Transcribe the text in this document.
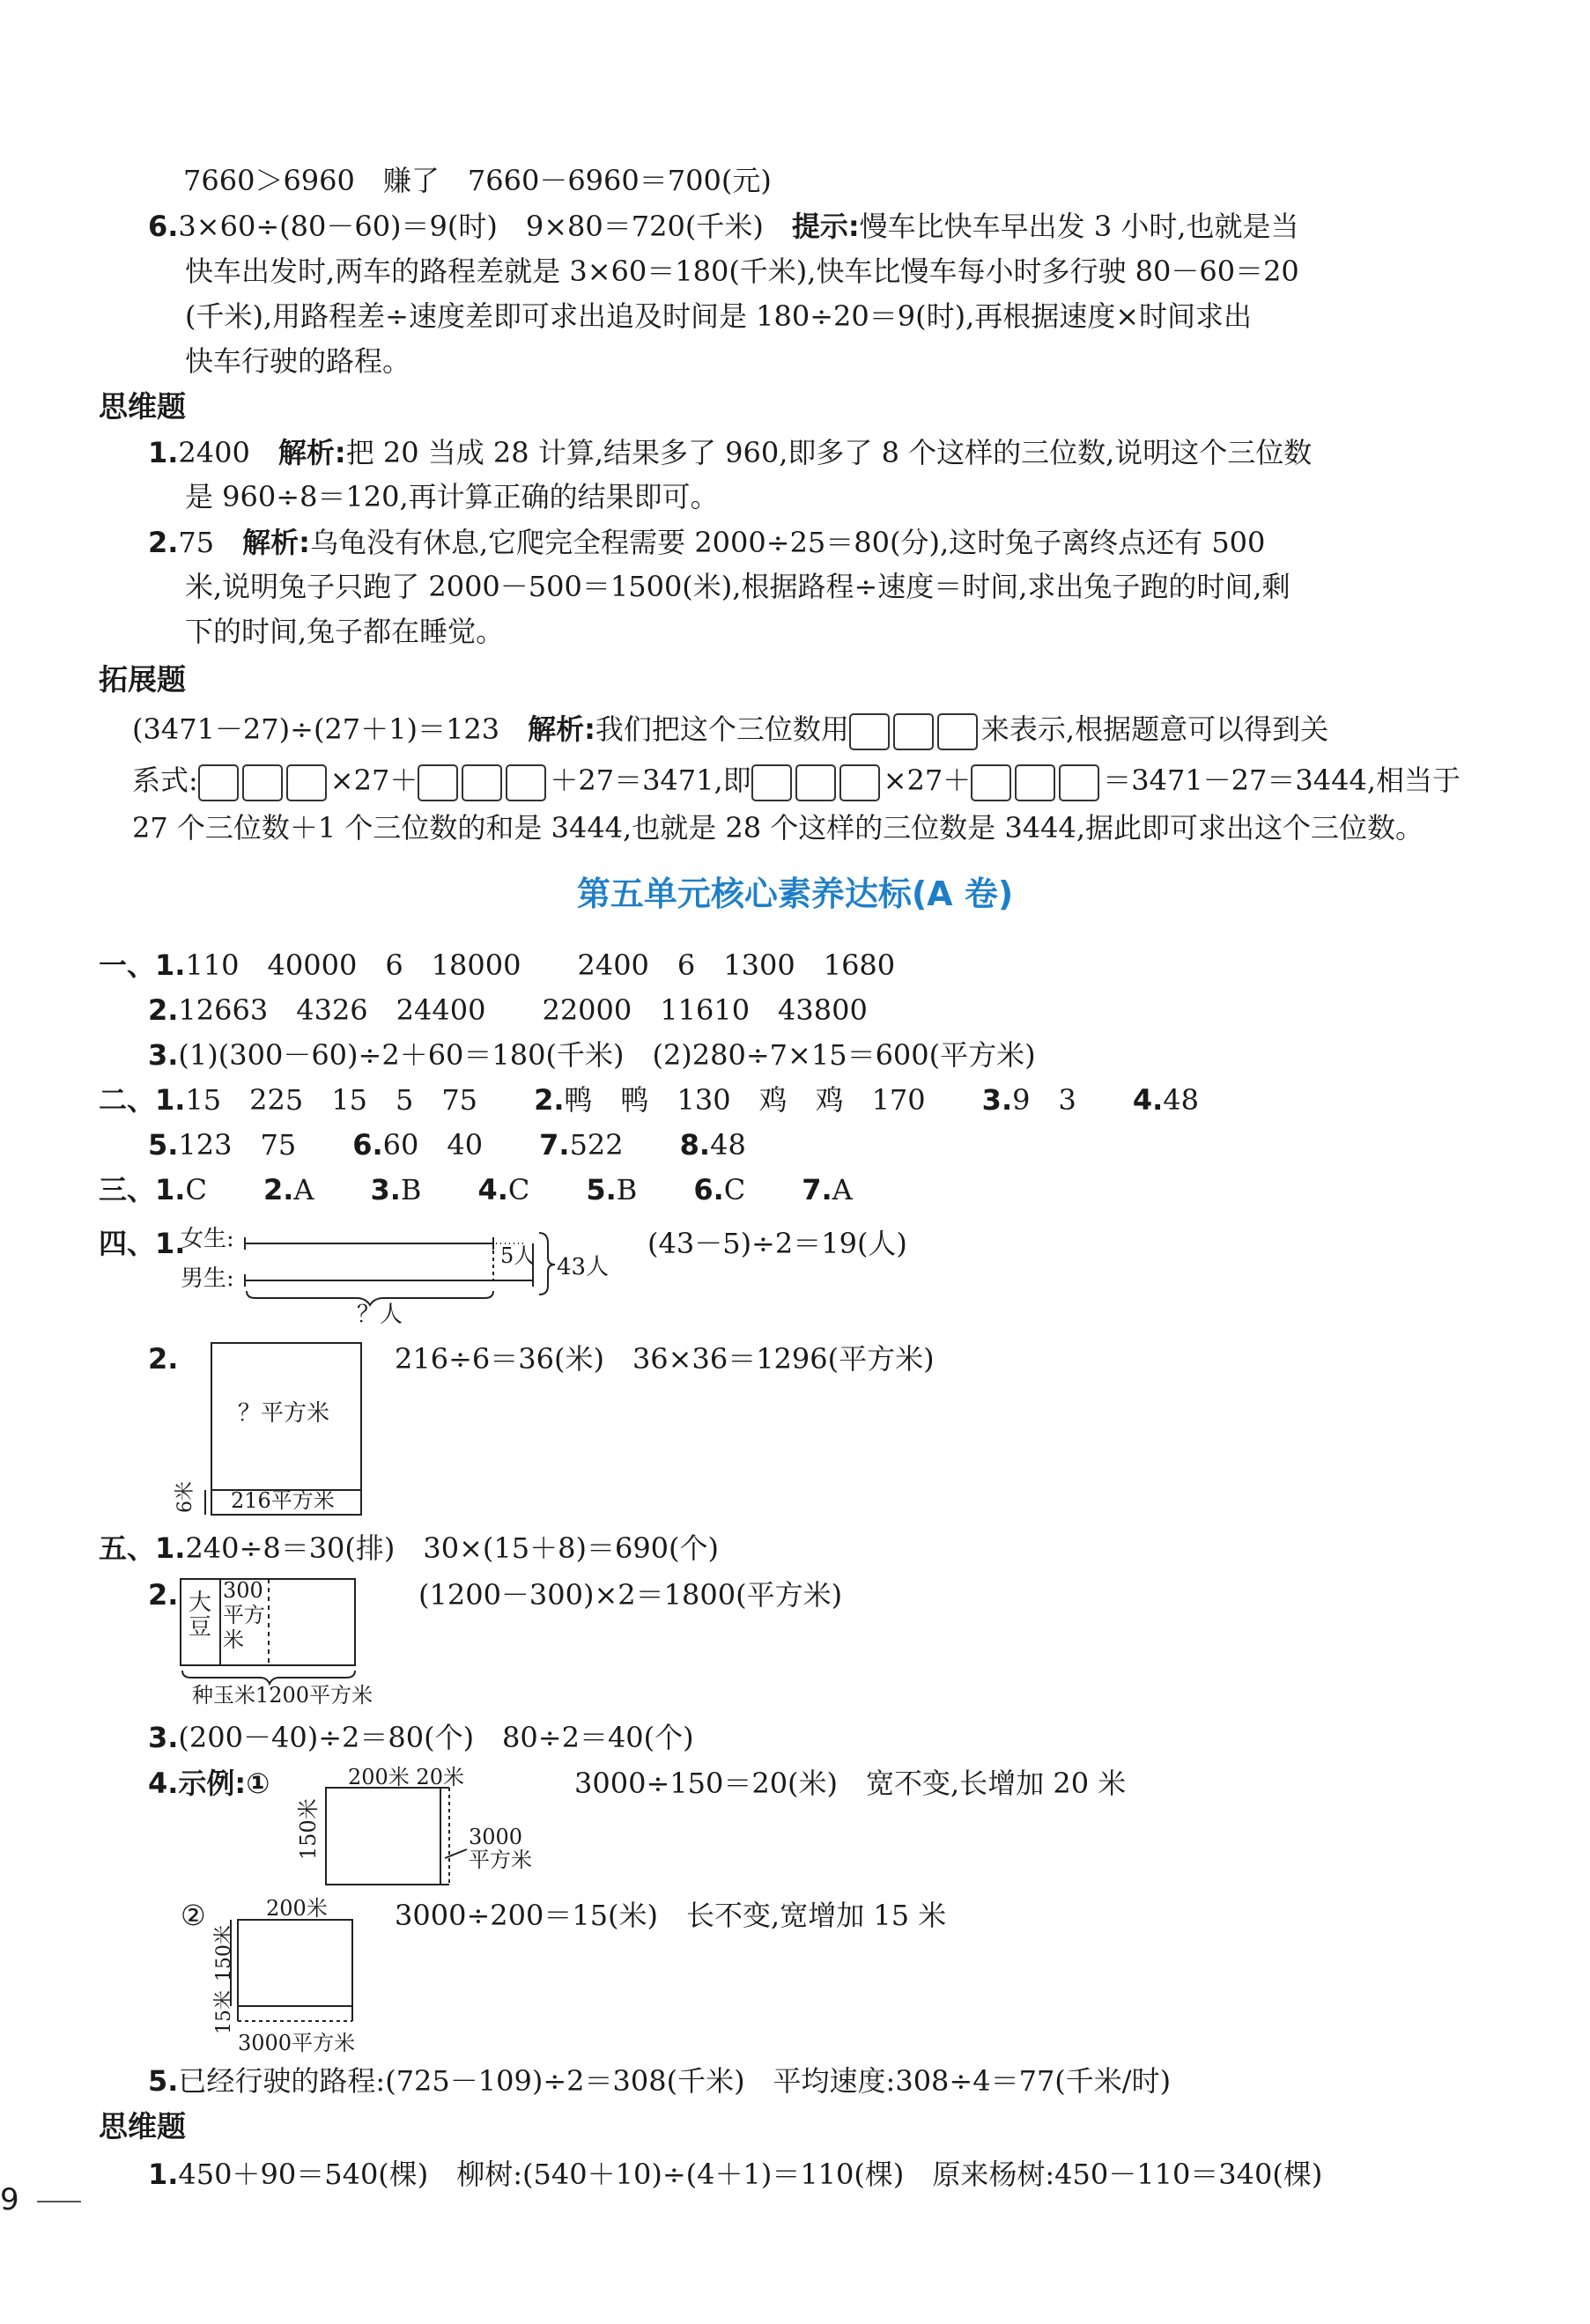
7660＞6960　赚了　7660－6960＝700(元)
6.3×60÷(80－60)＝9(时)　9×80＝720(千米)　 提示:慢车比快车早出发 3 小时,也就是当
快车出发时,两车的路程差就是 3×60＝180(千米),快车比慢车每小时多行驶 80－60＝20
(千米),用路程差÷速度差即可求出追及时间是 180÷20＝9(时),再根据速度×时间求出
快车行驶的路程。
思维题
1.2400　 解析:把 20 当成 28 计算,结果多了 960,即多了 8 个这样的三位数,说明这个三位数
是 960÷8＝120,再计算正确的结果即可。
2.75　 解析:乌龟没有休息,它爬完全程需要 2000÷25＝80(分),这时兔子离终点还有 500
米,说明兔子只跑了 2000－500＝1500(米),根据路程÷速度＝时间,求出兔子跑的时间,剩
下的时间,兔子都在睡觉。
拓展题
(3471－27)÷(27＋1)＝123　 解析:我们把这个三位数用	来表示,根据题意可以得到关
系式:	×27＋	＋27＝3471,即	×27＋	＝3471－27＝3444,相当于
27 个三位数＋1 个三位数的和是 3444,也就是 28 个这样的三位数是 3444,据此即可求出这个三位数。
第五单元核心素养达标(A 卷)
一、1.110　40000　6　18000　　2400　6　1300　1680
2.12663　4326　24400　　22000　11610　43800
3.(1)(300－60)÷2＋60＝180(千米)　(2)280÷7×15＝600(平方米)
二、1.15　225　15　5　75　　 2.鸭　鸭　130　鸡　鸡　170　　 3.9　3　　 4.48
5.123　75　　 6.60　40　　 7.522　　 8.48
三、1.C　　 2.A　　 3.B　　 4.C　　 5.B　　 6.C　　 7.A
四、1.
女生:
男生:
5人 43人
？人
(43－5)÷2＝19(人)
2.
？平方米
216平方米
6米
216÷6＝36(米)　36×36＝1296(平方米)
五、1.240÷8＝30(排)　30×(15＋8)＝690(个)
2. 大豆
300
平方
米
种玉米1200平方米
(1200－300)×2＝1800(平方米)
3.(200－40)÷2＝80(个)　80÷2＝40(个)
4.示例:①	200米 20米
150米	3000
平方米
3000÷150＝20(米)　宽不变,长增加 20 米
②	200米
150米
15米
3000平方米
3000÷200＝15(米)　长不变,宽增加 15 米
5.已经行驶的路程:(725－109)÷2＝308(千米)　平均速度:308÷4＝77(千米/时)
思维题
1.450＋90＝540(棵)　柳树:(540＋10)÷(4＋1)＝110(棵)　原来杨树:450－110＝340(棵)
9
